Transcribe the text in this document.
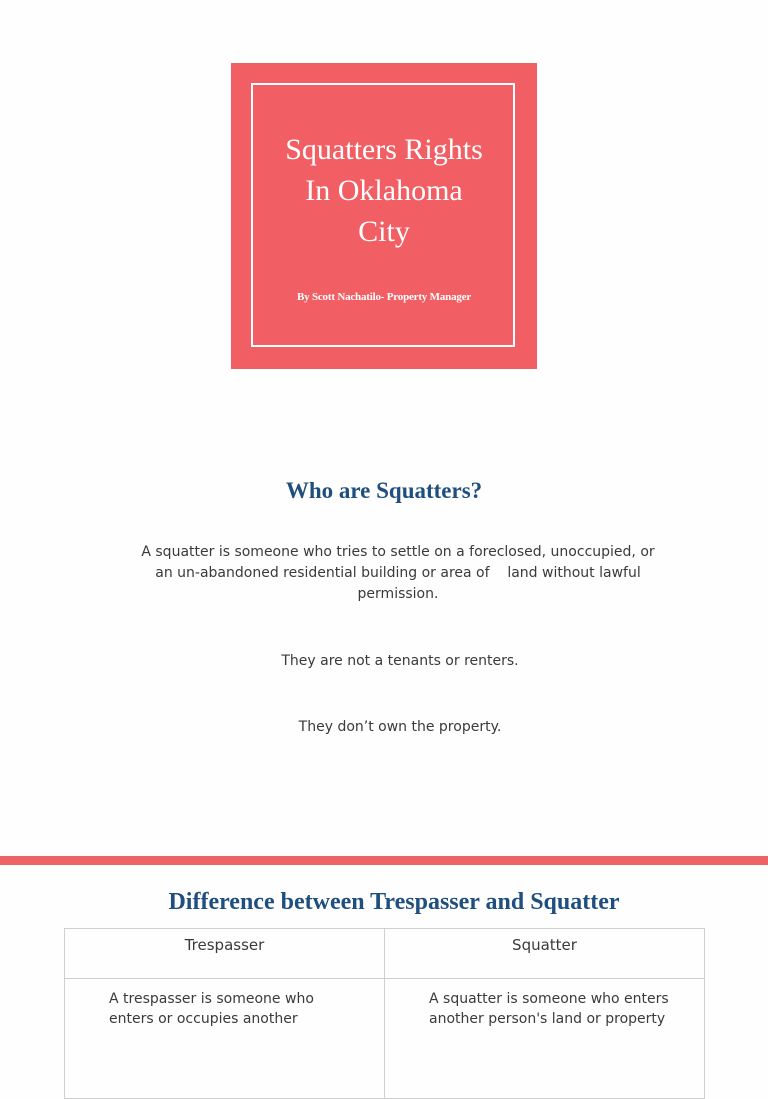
Squatters Rights
In Oklahoma
City
By Scott Nachatilo- Property Manager
Who are Squatters?
A squatter is someone who tries to settle on a foreclosed, unoccupied, or
an un-abandoned residential building or area of    land without lawful
permission.
They are not a tenants or renters.
They don’t own the property.
Difference between Trespasser and Squatter
Trespasser	Squatter
A trespasser is someone who enters or occupies another	A squatter is someone who enters another person's land or property
